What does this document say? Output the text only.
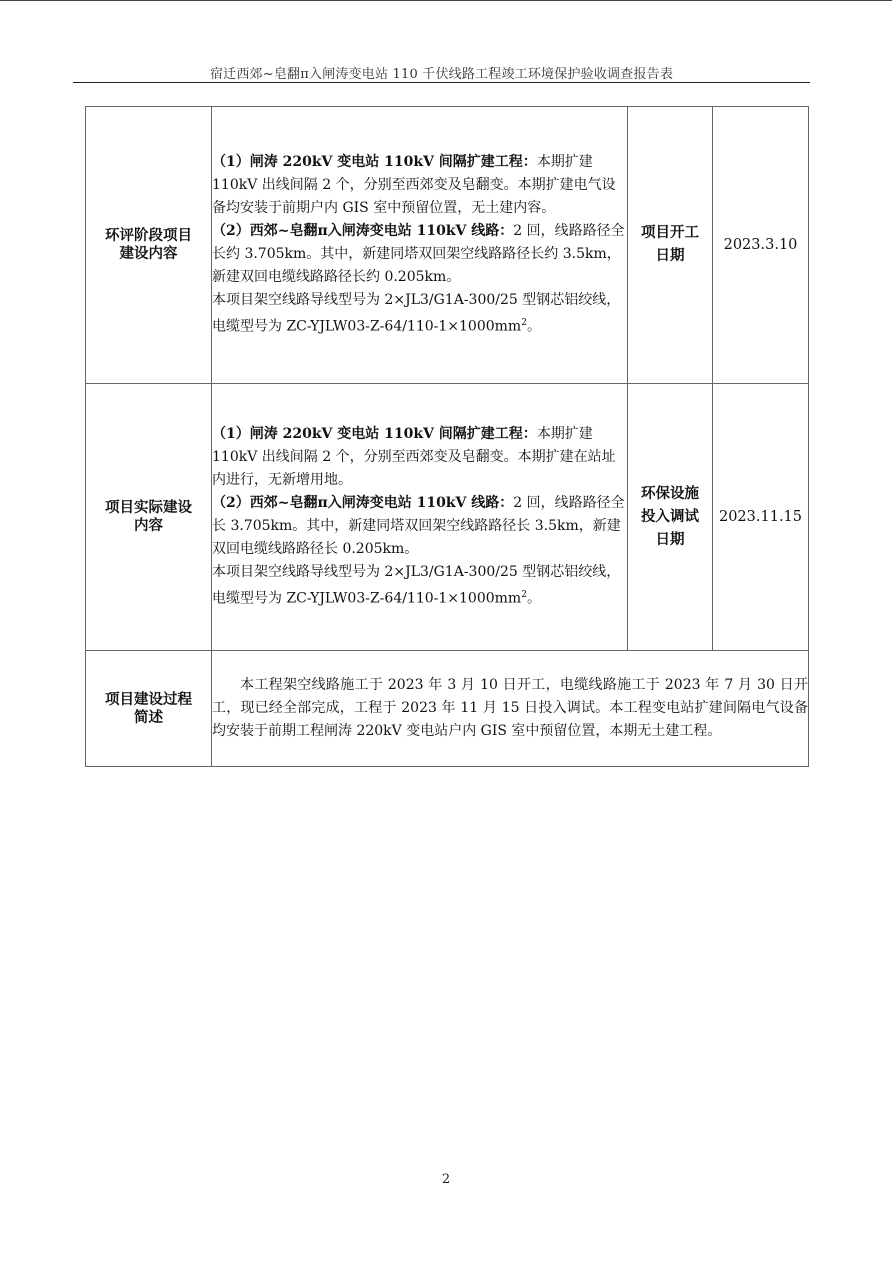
宿迁西郊~皂翻π入闸涛变电站 110 千伏线路工程竣工环境保护验收调查报告表
环评阶段项目建设内容	（1）闸涛 220kV 变电站 110kV 间隔扩建工程：本期扩建 110kV 出线间隔 2 个，分别至西郊变及皂翻变。本期扩建电气设备均安装于前期户内 GIS 室中预留位置，无土建内容。

（2）西郊~皂翻π入闸涛变电站 110kV 线路：2 回，线路路径全长约 3.705km。其中，新建同塔双回架空线路路径长约 3.5km，新建双回电缆线路路径长约 0.205km。

本项目架空线路导线型号为 2×JL3/G1A-300/25 型钢芯铝绞线，电缆型号为 $ZC-YJLW03-Z-64/110-1\times 1000mm^2$。	项目开工日期	2023.3.10
项目实际建设内容	（1）闸涛 220kV 变电站 110kV 间隔扩建工程：本期扩建 110kV 出线间隔 2 个，分别至西郊变及皂翻变。本期扩建在站址内进行，无新增用地。

（2）西郊~皂翻π入闸涛变电站 110kV 线路：2 回，线路路径全长 3.705km。其中，新建同塔双回架空线路路径长 3.5km，新建双回电缆线路路径长 0.205km。

本项目架空线路导线型号为 2×JL3/G1A-300/25 型钢芯铝绞线，电缆型号为 $ZC-YJLW03-Z-64/110-1\times 1000mm^2$。	环保设施投入调试日期	2023.11.15
项目建设过程简述	本工程架空线路施工于 2023 年 3 月 10 日开工，电缆线路施工于 2023 年 7 月 30 日开工，现已经全部完成，工程于 2023 年 11 月 15 日投入调试。本工程变电站扩建间隔电气设备均安装于前期工程闸涛 220kV 变电站户内 GIS 室中预留位置，本期无土建工程。		
2
